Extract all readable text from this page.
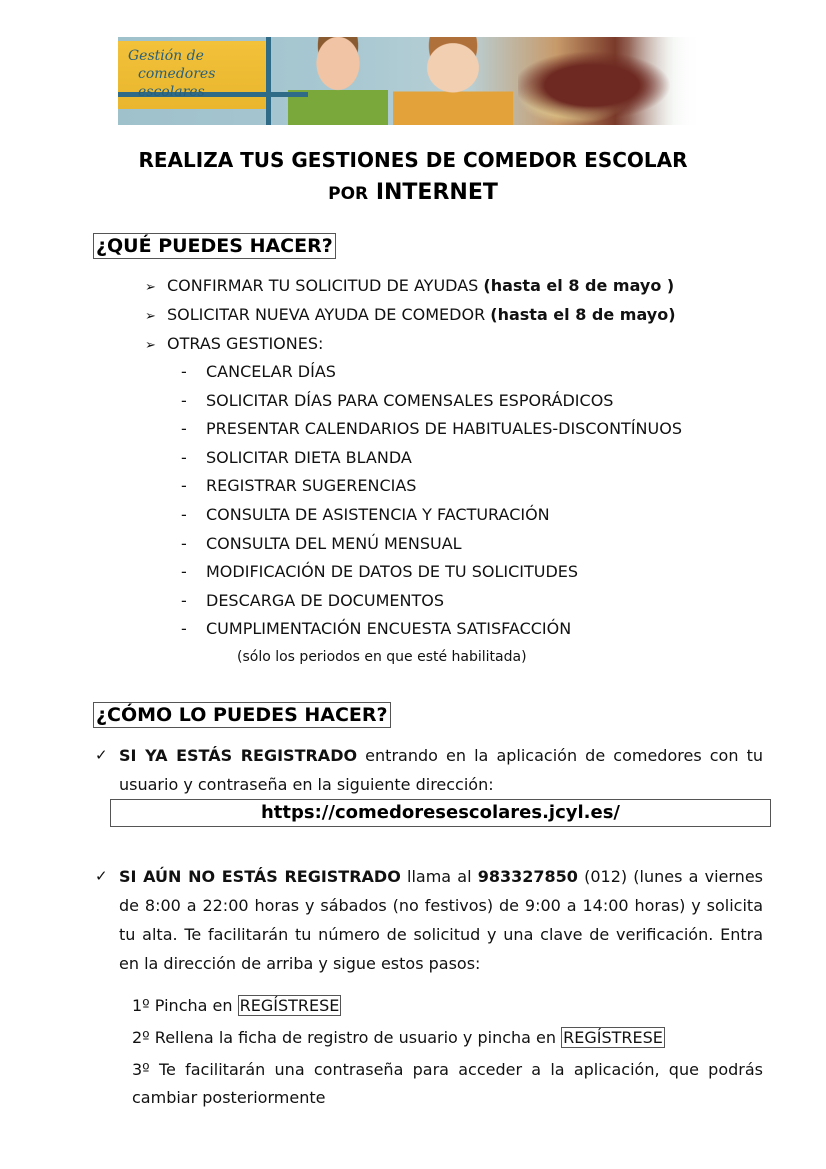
Gestión de
comedores escolares
REALIZA TUS GESTIONES DE COMEDOR ESCOLAR
POR INTERNET
¿QUÉ PUEDES HACER?
➢ CONFIRMAR TU SOLICITUD DE AYUDAS (hasta el 8 de mayo )
➢ SOLICITAR NUEVA AYUDA DE COMEDOR (hasta el 8 de mayo)
➢ OTRAS GESTIONES:
- CANCELAR DÍAS
- SOLICITAR DÍAS PARA COMENSALES ESPORÁDICOS
- PRESENTAR CALENDARIOS DE HABITUALES-DISCONTÍNUOS
- SOLICITAR DIETA BLANDA
- REGISTRAR SUGERENCIAS
- CONSULTA DE ASISTENCIA Y FACTURACIÓN
- CONSULTA DEL MENÚ MENSUAL
- MODIFICACIÓN DE DATOS DE TU SOLICITUDES
- DESCARGA DE DOCUMENTOS
- CUMPLIMENTACIÓN ENCUESTA SATISFACCIÓN
(sólo los periodos en que esté habilitada)
¿CÓMO LO PUEDES HACER?
✓ SI YA ESTÁS REGISTRADO entrando en la aplicación de comedores con tu usuario y contraseña en la siguiente dirección:
https://comedoresescolares.jcyl.es/
✓ SI AÚN NO ESTÁS REGISTRADO llama al 983327850 (012) (lunes a viernes de 8:00 a 22:00 horas y sábados (no festivos) de 9:00 a 14:00 horas) y solicita tu alta. Te facilitarán tu número de solicitud y una clave de verificación. Entra en la dirección de arriba y sigue estos pasos:
1º Pincha en REGÍSTRESE
2º Rellena la ficha de registro de usuario y pincha en REGÍSTRESE
3º Te facilitarán una contraseña para acceder a la aplicación, que podrás cambiar posteriormente
